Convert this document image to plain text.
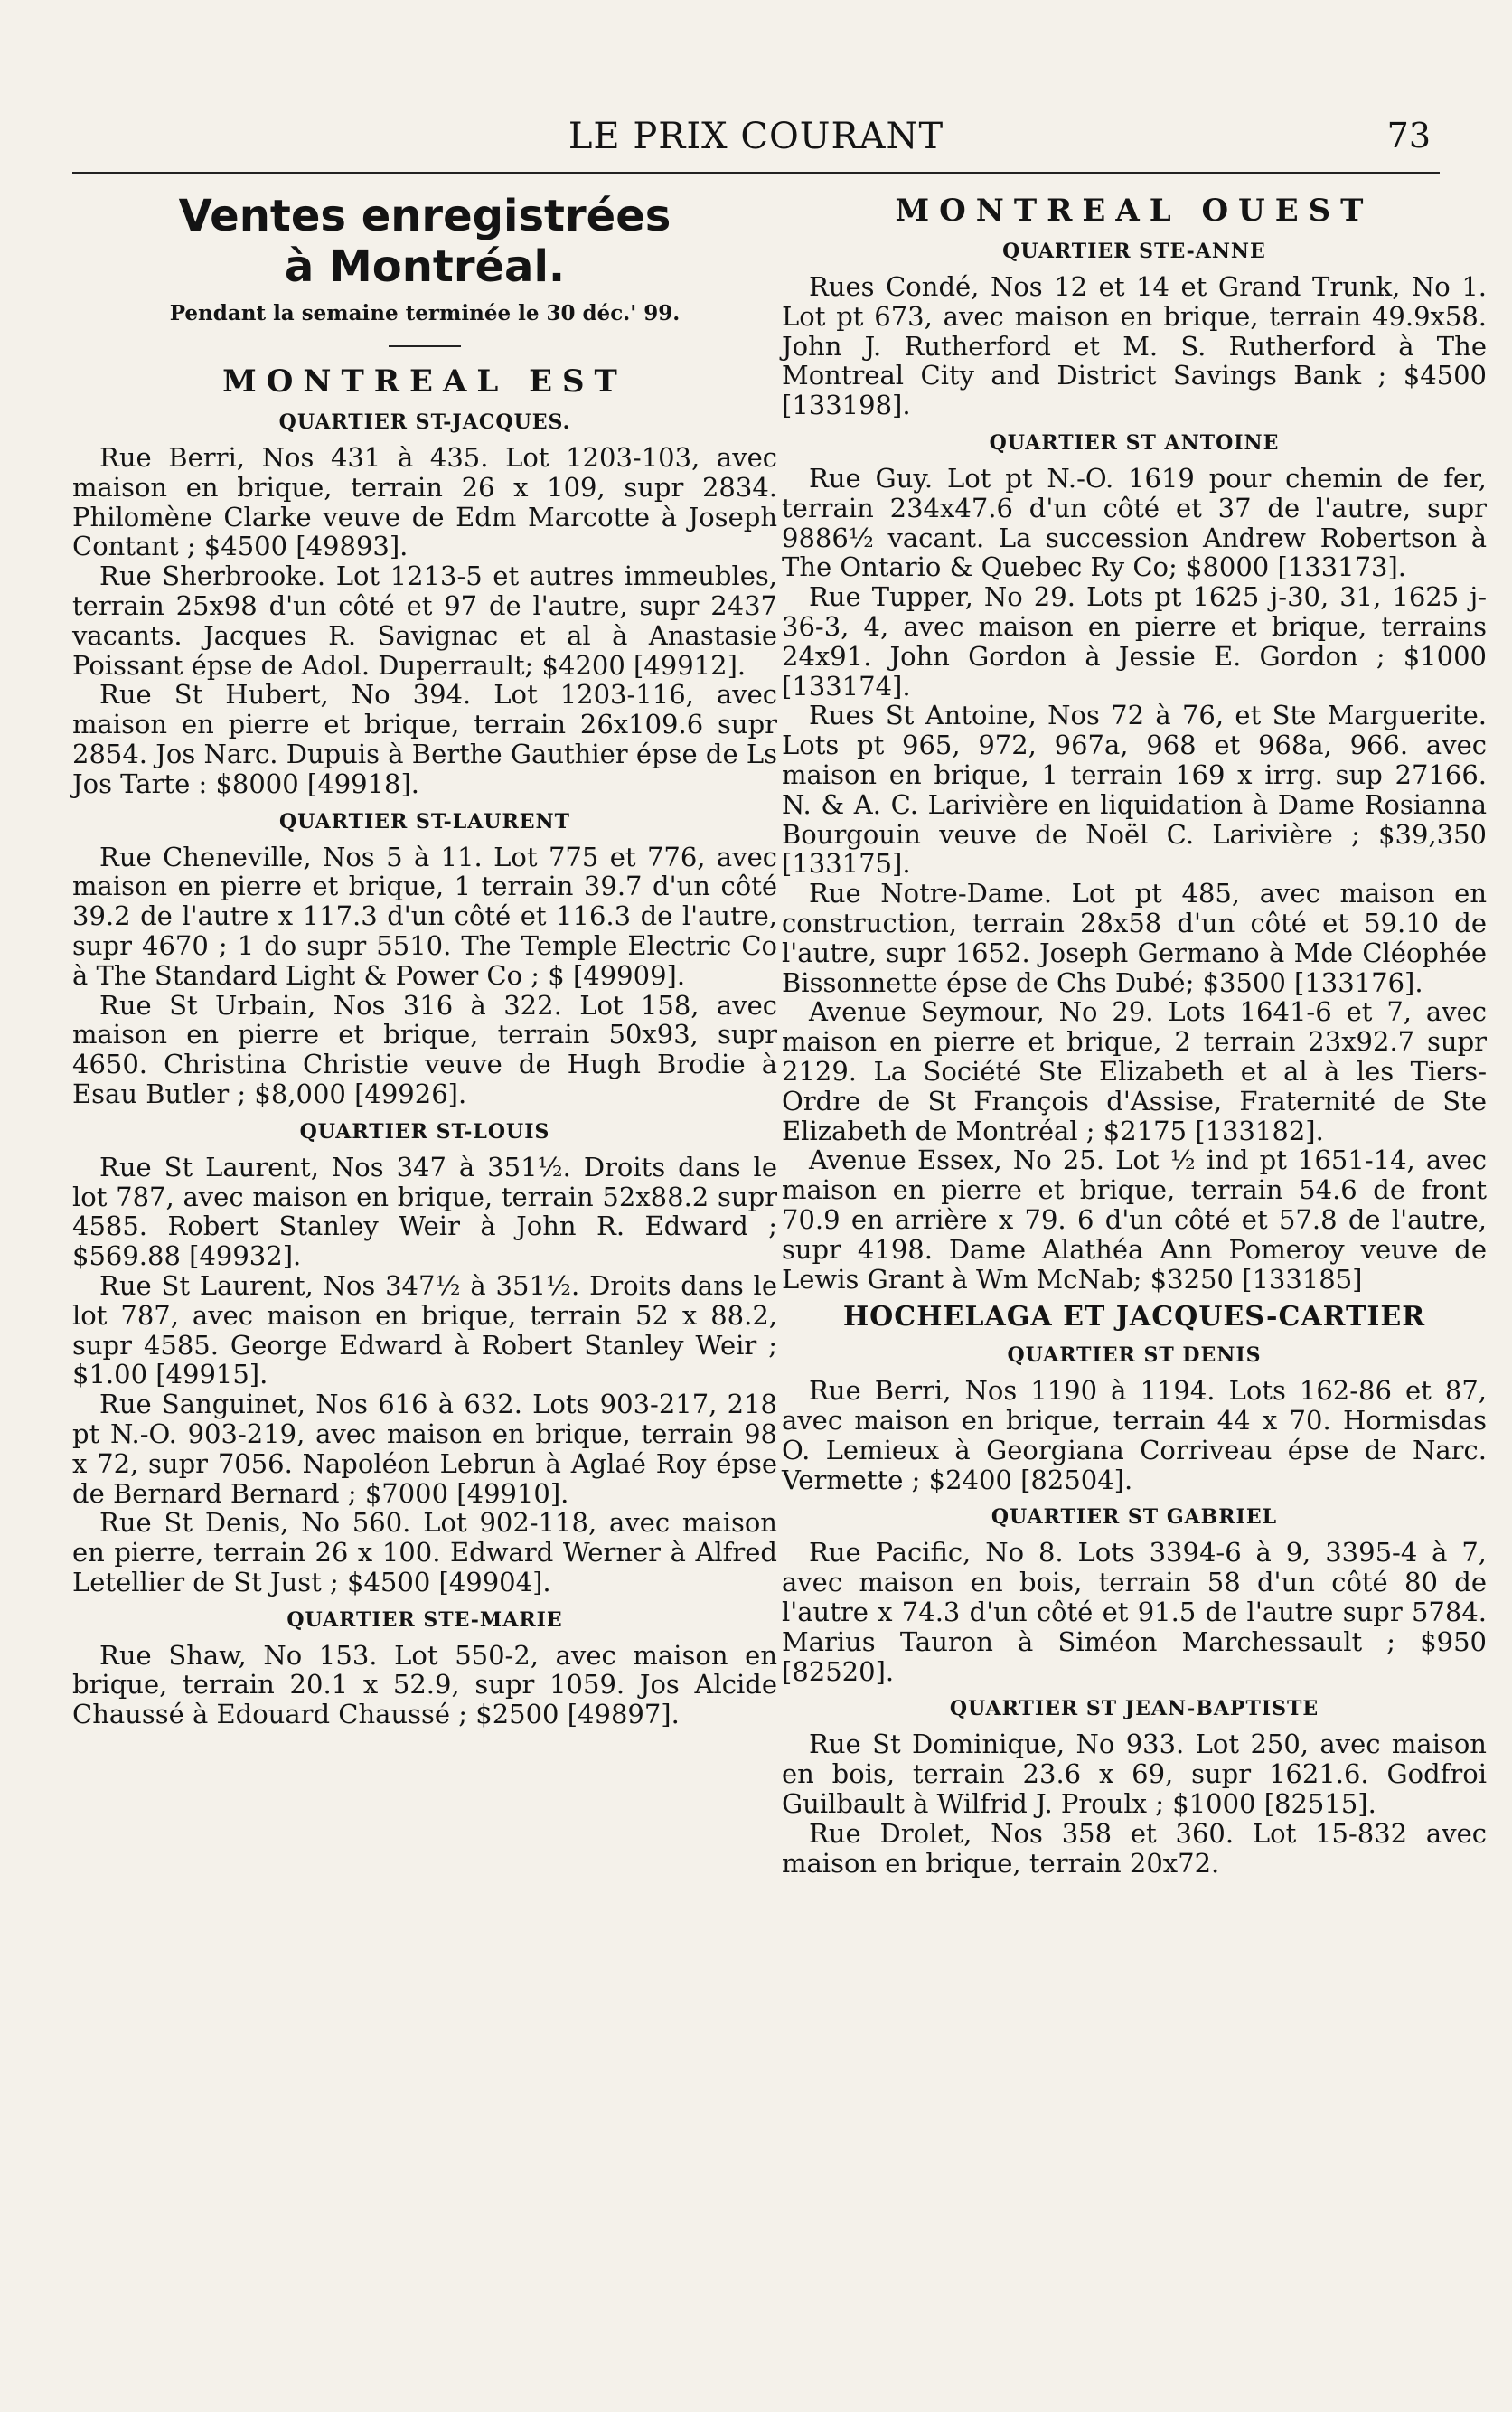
LE PRIX COURANT	73
Ventes enregistrées
à Montréal.
Pendant la semaine terminée le 30 déc.' 99.
MONTREAL EST
QUARTIER ST-JACQUES.

Rue Berri, Nos 431 à 435. Lot 1203-103, avec maison en brique, terrain 26 x 109, supr 2834. Philomène Clarke veuve de Edm Marcotte à Joseph Contant ; $4500 [49893].

Rue Sherbrooke. Lot 1213-5 et autres immeubles, terrain 25x98 d'un côté et 97 de l'autre, supr 2437 vacants. Jacques R. Savignac et al à Anastasie Poissant épse de Adol. Duperrault; $4200 [49912].

Rue St Hubert, No 394. Lot 1203-116, avec maison en pierre et brique, terrain 26x109.6 supr 2854. Jos Narc. Dupuis à Berthe Gauthier épse de Ls Jos Tarte : $8000 [49918].

QUARTIER ST-LAURENT

Rue Cheneville, Nos 5 à 11. Lot 775 et 776, avec maison en pierre et brique, 1 terrain 39.7 d'un côté 39.2 de l'autre x 117.3 d'un côté et 116.3 de l'autre, supr 4670 ; 1 do supr 5510. The Temple Electric Co à The Standard Light & Power Co ; $ [49909].

Rue St Urbain, Nos 316 à 322. Lot 158, avec maison en pierre et brique, terrain 50x93, supr 4650. Christina Christie veuve de Hugh Brodie à Esau Butler ; $8,000 [49926].

QUARTIER ST-LOUIS

Rue St Laurent, Nos 347 à 351½. Droits dans le lot 787, avec maison en brique, terrain 52x88.2 supr 4585. Robert Stanley Weir à John R. Edward ; $569.88 [49932].

Rue St Laurent, Nos 347½ à 351½. Droits dans le lot 787, avec maison en brique, terrain 52 x 88.2, supr 4585. George Edward à Robert Stanley Weir ; $1.00 [49915].

Rue Sanguinet, Nos 616 à 632. Lots 903-217, 218 pt N.-O. 903-219, avec maison en brique, terrain 98 x 72, supr 7056. Napoléon Lebrun à Aglaé Roy épse de Bernard Bernard ; $7000 [49910].

Rue St Denis, No 560. Lot 902-118, avec maison en pierre, terrain 26 x 100. Edward Werner à Alfred Letellier de St Just ; $4500 [49904].

QUARTIER STE-MARIE

Rue Shaw, No 153. Lot 550-2, avec maison en brique, terrain 20.1 x 52.9, supr 1059. Jos Alcide Chaussé à Edouard Chaussé ; $2500 [49897].

MONTREAL OUEST
QUARTIER STE-ANNE

Rues Condé, Nos 12 et 14 et Grand Trunk, No 1. Lot pt 673, avec maison en brique, terrain 49.9x58. John J. Rutherford et M. S. Rutherford à The Montreal City and District Savings Bank ; $4500 [133198].

QUARTIER ST ANTOINE

Rue Guy. Lot pt N.-O. 1619 pour chemin de fer, terrain 234x47.6 d'un côté et 37 de l'autre, supr 9886½ vacant. La succession Andrew Robertson à The Ontario & Quebec Ry Co; $8000 [133173].

Rue Tupper, No 29. Lots pt 1625 j-30, 31, 1625 j-36-3, 4, avec maison en pierre et brique, terrains 24x91. John Gordon à Jessie E. Gordon ; $1000 [133174].

Rues St Antoine, Nos 72 à 76, et Ste Marguerite. Lots pt 965, 972, 967a, 968 et 968a, 966. avec maison en brique, 1 terrain 169 x irrg. sup 27166. N. & A. C. Larivière en liquidation à Dame Rosianna Bourgouin veuve de Noël C. Larivière ; $39,350 [133175].

Rue Notre-Dame. Lot pt 485, avec maison en construction, terrain 28x58 d'un côté et 59.10 de l'autre, supr 1652. Joseph Germano à Mde Cléophée Bissonnette épse de Chs Dubé; $3500 [133176].

Avenue Seymour, No 29. Lots 1641-6 et 7, avec maison en pierre et brique, 2 terrain 23x92.7 supr 2129. La Société Ste Elizabeth et al à les Tiers-Ordre de St François d'Assise, Fraternité de Ste Elizabeth de Montréal ; $2175 [133182].

Avenue Essex, No 25. Lot ½ ind pt 1651-14, avec maison en pierre et brique, terrain 54.6 de front 70.9 en arrière x 79. 6 d'un côté et 57.8 de l'autre, supr 4198. Dame Alathéa Ann Pomeroy veuve de Lewis Grant à Wm McNab; $3250 [133185]

HOCHELAGA ET JACQUES-CARTIER
QUARTIER ST DENIS

Rue Berri, Nos 1190 à 1194. Lots 162-86 et 87, avec maison en brique, terrain 44 x 70. Hormisdas O. Lemieux à Georgiana Corriveau épse de Narc. Vermette ; $2400 [82504].

QUARTIER ST GABRIEL

Rue Pacific, No 8. Lots 3394-6 à 9, 3395-4 à 7, avec maison en bois, terrain 58 d'un côté 80 de l'autre x 74.3 d'un côté et 91.5 de l'autre supr 5784. Marius Tauron à Siméon Marchessault ; $950 [82520].

QUARTIER ST JEAN-BAPTISTE

Rue St Dominique, No 933. Lot 250, avec maison en bois, terrain 23.6 x 69, supr 1621.6. Godfroi Guilbault à Wilfrid J. Proulx ; $1000 [82515].

Rue Drolet, Nos 358 et 360. Lot 15-832 avec maison en brique, terrain 20x72.
